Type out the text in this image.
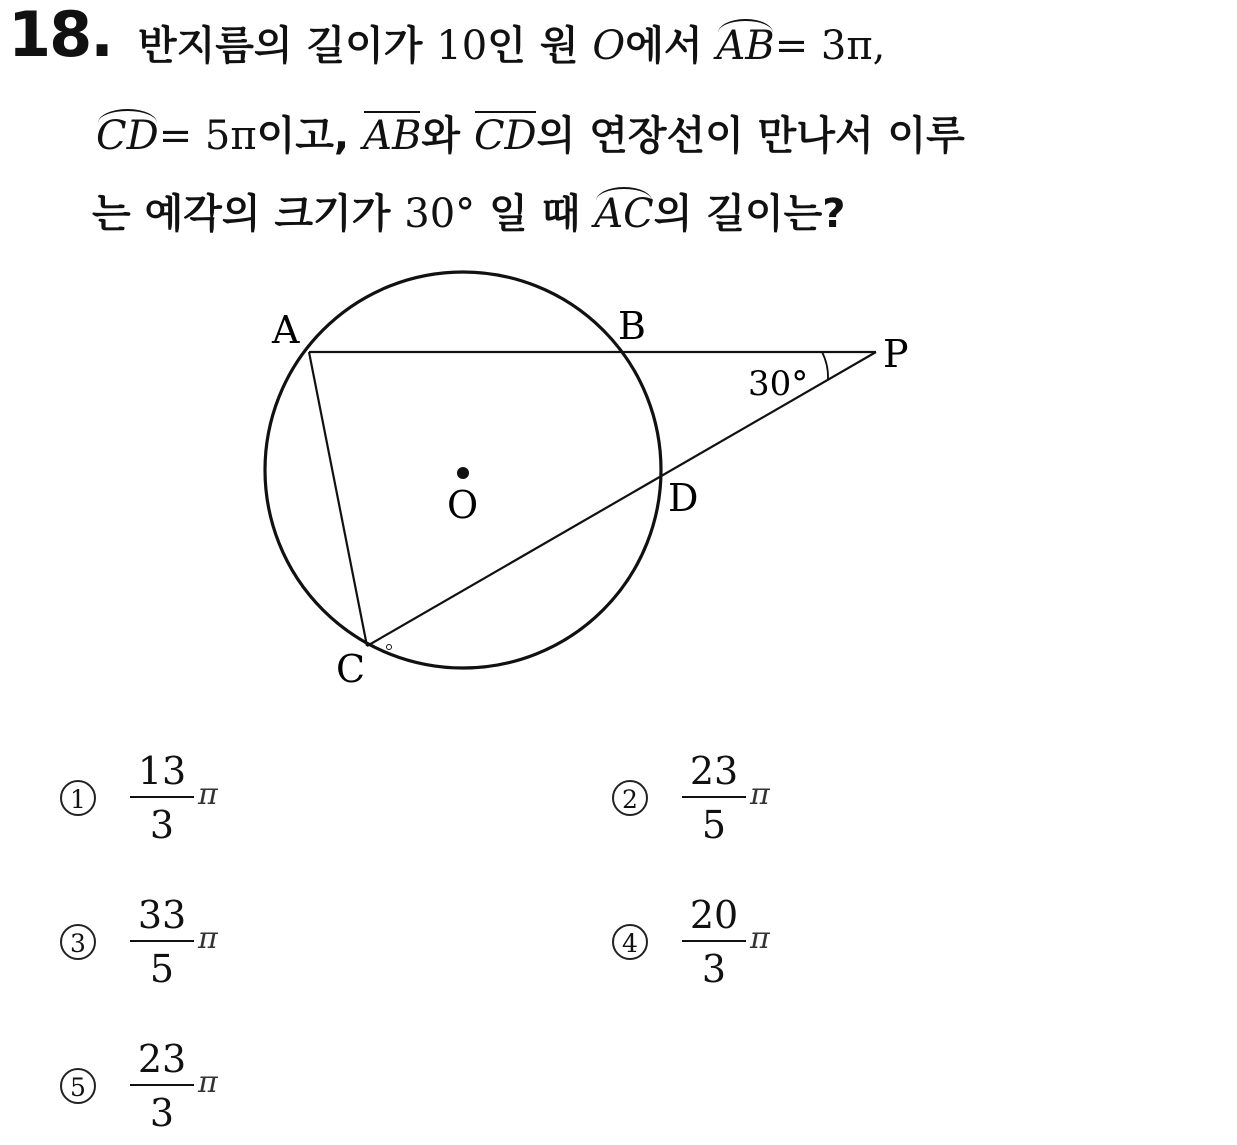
18. 반지름의 길이가 10인 원 O에서 AB= 3π,
CD= 5π이고, AB와 CD의 연장선이 만나서 이루
는 예각의 크기가 30° 일 때 AC의 길이는?
A	B
P
30°
O	D
C
$1 \frac{13}{3}$ π	$2 \frac{23}{5}$ π
$3 \frac{33}{5}$ π	$4 \frac{20}{3}$ π
$5 \frac{23}{3}$ π
